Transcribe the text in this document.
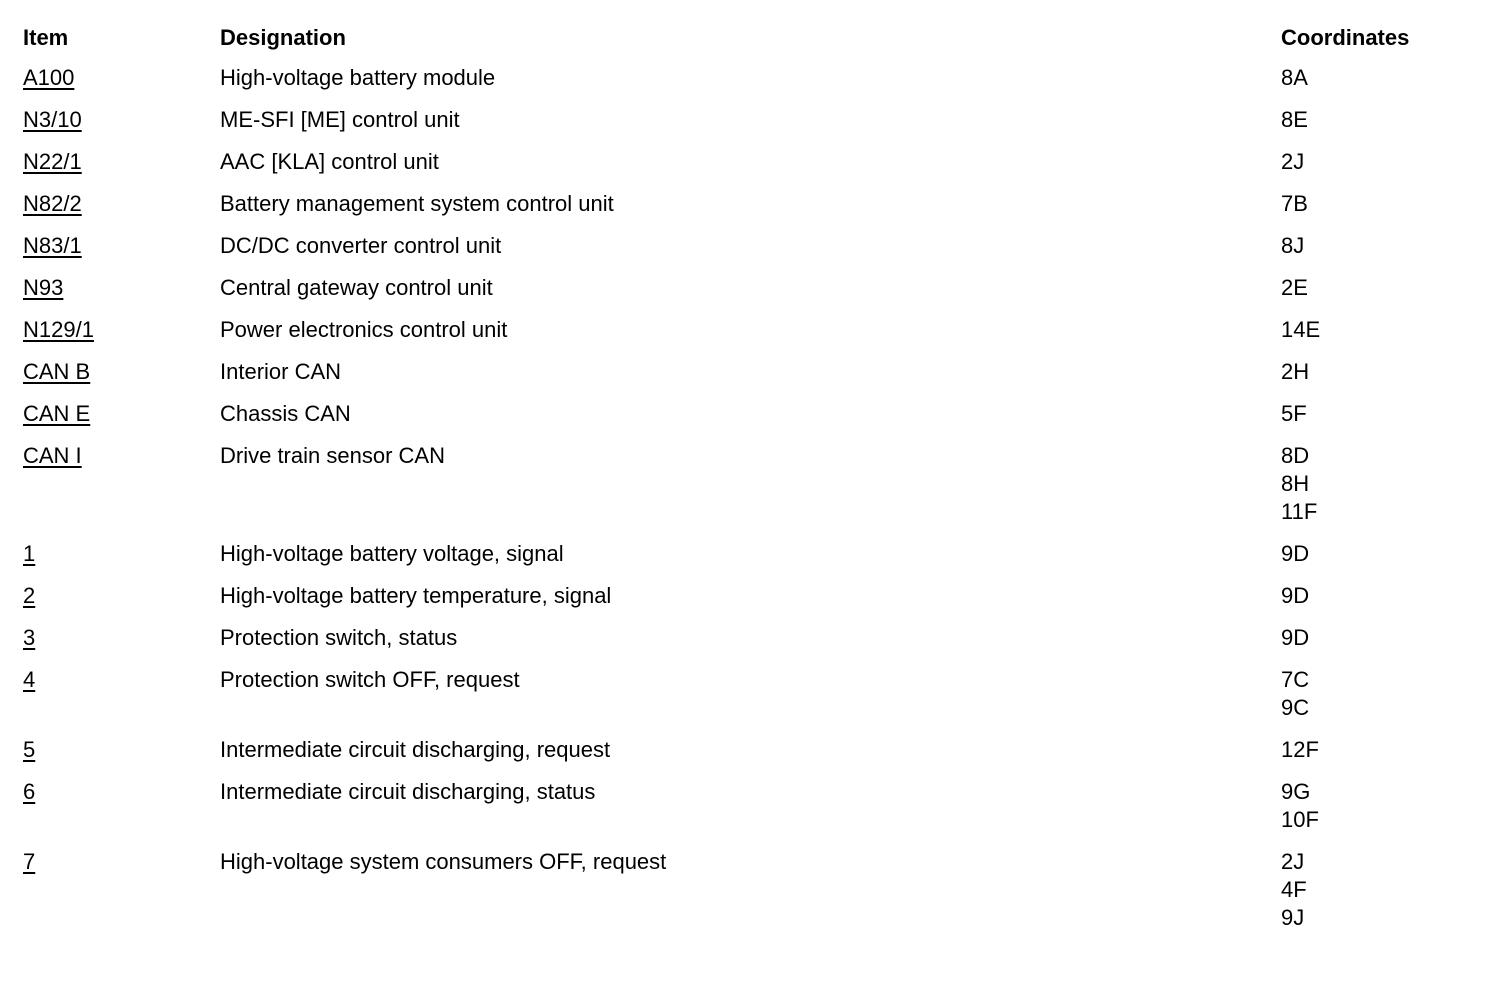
Item	Designation	Coordinates
A100	High-voltage battery module	8A

N3/10	ME-SFI [ME] control unit	8E

N22/1	AAC [KLA] control unit	2J

N82/2	Battery management system control unit	7B

N83/1	DC/DC converter control unit	8J

N93	Central gateway control unit	2E

N129/1	Power electronics control unit	14E

CAN B	Interior CAN	2H

CAN E	Chassis CAN	5F

CAN I	Drive train sensor CAN	8D
8H
11F

1	High-voltage battery voltage, signal	9D

2	High-voltage battery temperature, signal	9D

3	Protection switch, status	9D

4	Protection switch OFF, request	7C
9C

5	Intermediate circuit discharging, request	12F

6	Intermediate circuit discharging, status	9G
10F

7	High-voltage system consumers OFF, request	2J
4F
9J
